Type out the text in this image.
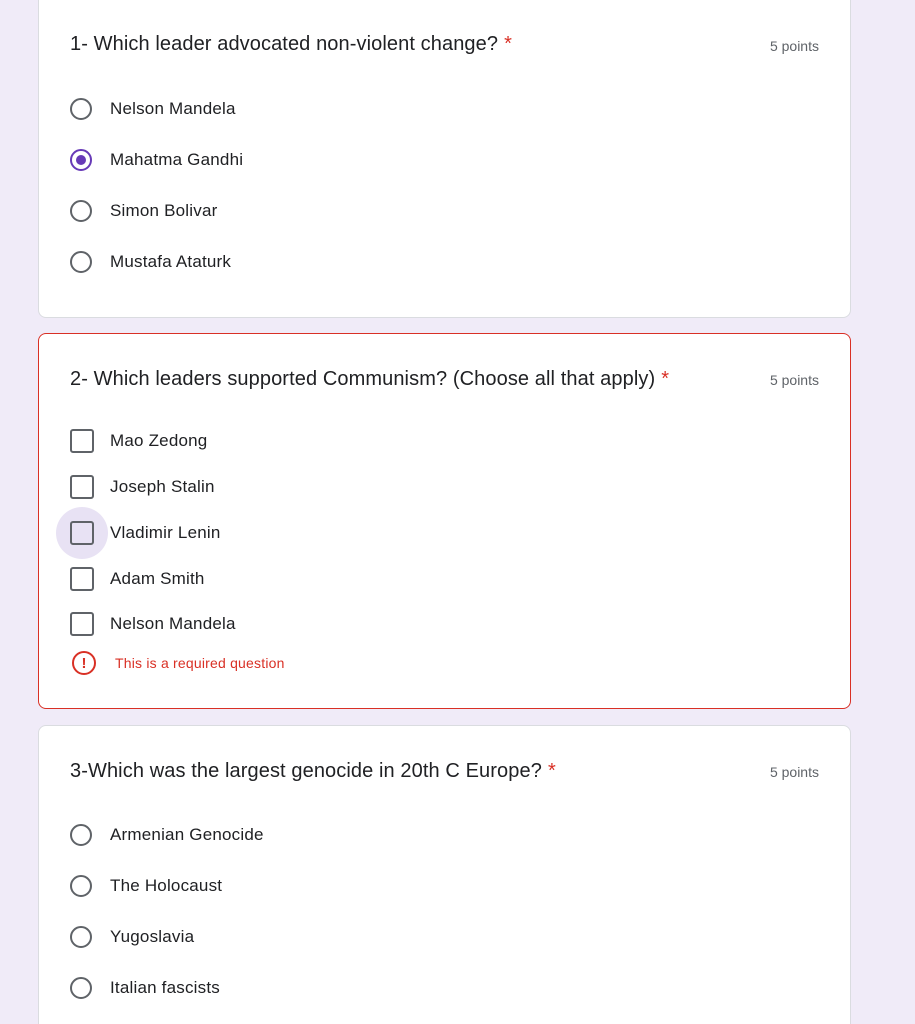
1- Which leader advocated non-violent change? *	5 points
Nelson Mandela
Mahatma Gandhi
Simon Bolivar
Mustafa Ataturk
2- Which leaders supported Communism? (Choose all that apply) *	5 points
Mao Zedong
Joseph Stalin
Vladimir Lenin
Adam Smith
Nelson Mandela
!	This is a required question
3-Which was the largest genocide in 20th C Europe? *	5 points
Armenian Genocide
The Holocaust
Yugoslavia
Italian fascists
